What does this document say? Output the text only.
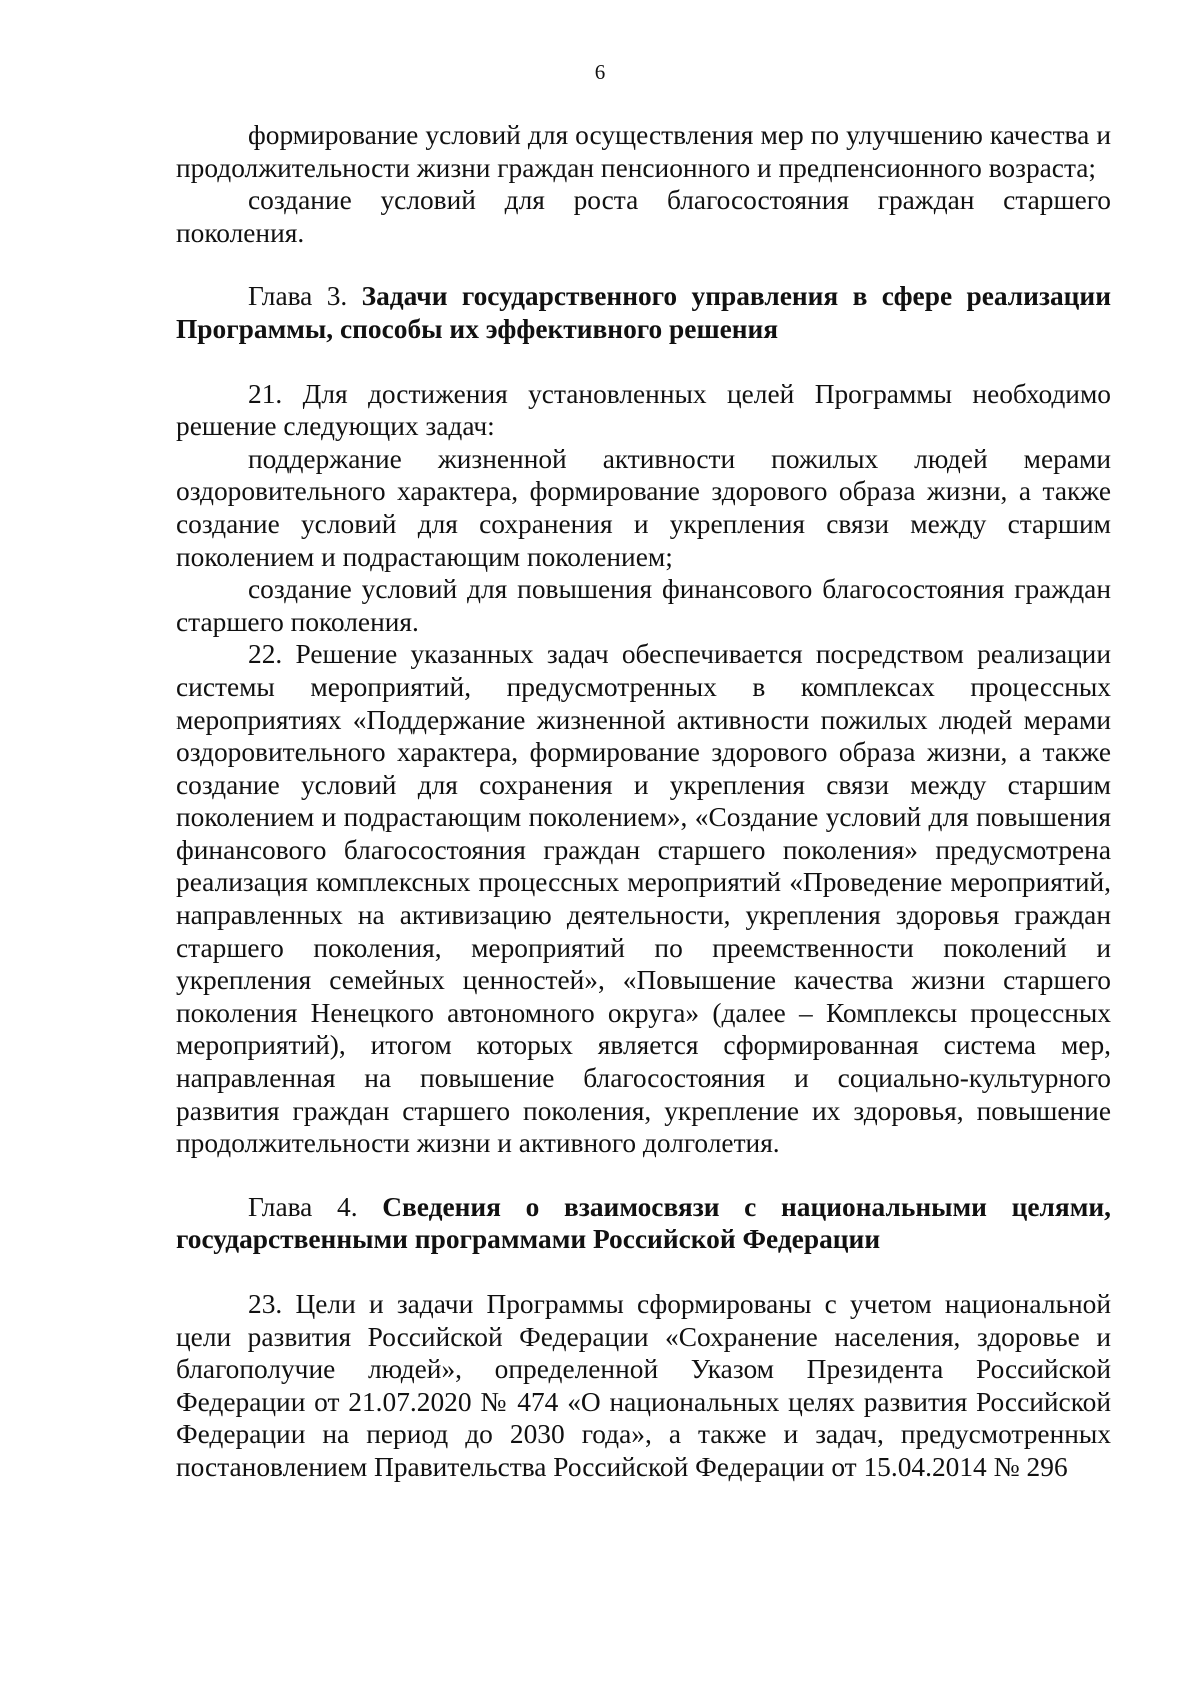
6

формирование условий для осуществления мер по улучшению качества и продолжительности жизни граждан пенсионного и предпенсионного возраста;

создание условий для роста благосостояния граждан старшего поколения.

Глава 3. Задачи государственного управления в сфере реализации Программы, способы их эффективного решения

21. Для достижения установленных целей Программы необходимо решение следующих задач:

поддержание жизненной активности пожилых людей мерами оздоровительного характера, формирование здорового образа жизни, а также создание условий для сохранения и укрепления связи между старшим поколением и подрастающим поколением;

создание условий для повышения финансового благосостояния граждан старшего поколения.

22. Решение указанных задач обеспечивается посредством реализации системы мероприятий, предусмотренных в комплексах процессных мероприятиях «Поддержание жизненной активности пожилых людей мерами оздоровительного характера, формирование здорового образа жизни, а также создание условий для сохранения и укрепления связи между старшим поколением и подрастающим поколением», «Создание условий для повышения финансового благосостояния граждан старшего поколения» предусмотрена реализация комплексных процессных мероприятий «Проведение мероприятий, направленных на активизацию деятельности, укрепления здоровья граждан старшего поколения, мероприятий по преемственности поколений и укрепления семейных ценностей», «Повышение качества жизни старшего поколения Ненецкого автономного округа» (далее – Комплексы процессных мероприятий), итогом которых является сформированная система мер, направленная на повышение благосостояния и социально-культурного развития граждан старшего поколения, укрепление их здоровья, повышение продолжительности жизни и активного долголетия.

Глава 4. Сведения о взаимосвязи с национальными целями, государственными программами Российской Федерации

23. Цели и задачи Программы сформированы с учетом национальной цели развития Российской Федерации «Сохранение населения, здоровье и благополучие людей», определенной Указом Президента Российской Федерации от 21.07.2020 № 474 «О национальных целях развития Российской Федерации на период до 2030 года», а также и задач, предусмотренных постановлением Правительства Российской Федерации от 15.04.2014 № 296
